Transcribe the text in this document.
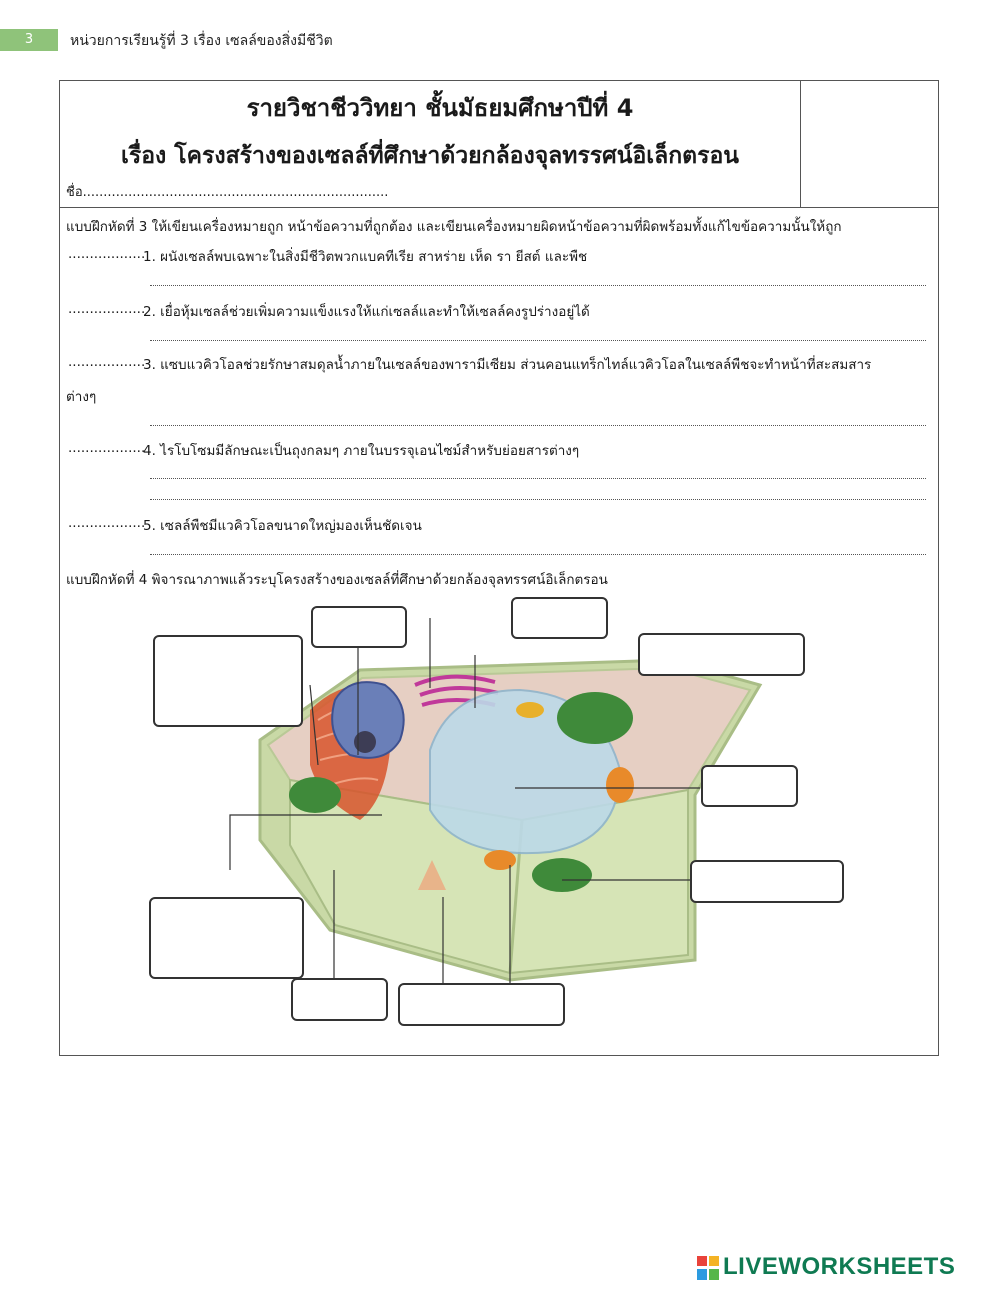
3	หน่วยการเรียนรู้ที่ 3 เรื่อง เซลล์ของสิ่งมีชีวิต
รายวิชาชีววิทยา ชั้นมัธยมศึกษาปีที่ 4
เรื่อง โครงสร้างของเซลล์ที่ศึกษาด้วยกล้องจุลทรรศน์อิเล็กตรอน
ชื่อ..........................................................................
แบบฝึกหัดที่ 3 ให้เขียนเครื่องหมายถูก หน้าข้อความที่ถูกต้อง และเขียนเครื่องหมายผิดหน้าข้อความที่ผิดพร้อมทั้งแก้ไขข้อความนั้นให้ถูก
..................
1. ผนังเซลล์พบเฉพาะในสิ่งมีชีวิตพวกแบคทีเรีย สาหร่าย เห็ด รา ยีสต์ และพืช
..................
2. เยื่อหุ้มเซลล์ช่วยเพิ่มความแข็งแรงให้แก่เซลล์และทำให้เซลล์คงรูปร่างอยู่ได้
..................
3. แซบแวคิวโอลช่วยรักษาสมดุลน้ำภายในเซลล์ของพารามีเซียม ส่วนคอนแทร็กไทล์แวคิวโอลในเซลล์พืชจะทำหน้าที่สะสมสาร
ต่างๆ
..................
4. ไรโบโซมมีลักษณะเป็นถุงกลมๆ ภายในบรรจุเอนไซม์สำหรับย่อยสารต่างๆ
..................
5. เซลล์พืชมีแวคิวโอลขนาดใหญ่มองเห็นชัดเจน
แบบฝึกหัดที่ 4 พิจารณาภาพแล้วระบุโครงสร้างของเซลล์ที่ศึกษาด้วยกล้องจุลทรรศน์อิเล็กตรอน
LIVEWORKSHEETS
